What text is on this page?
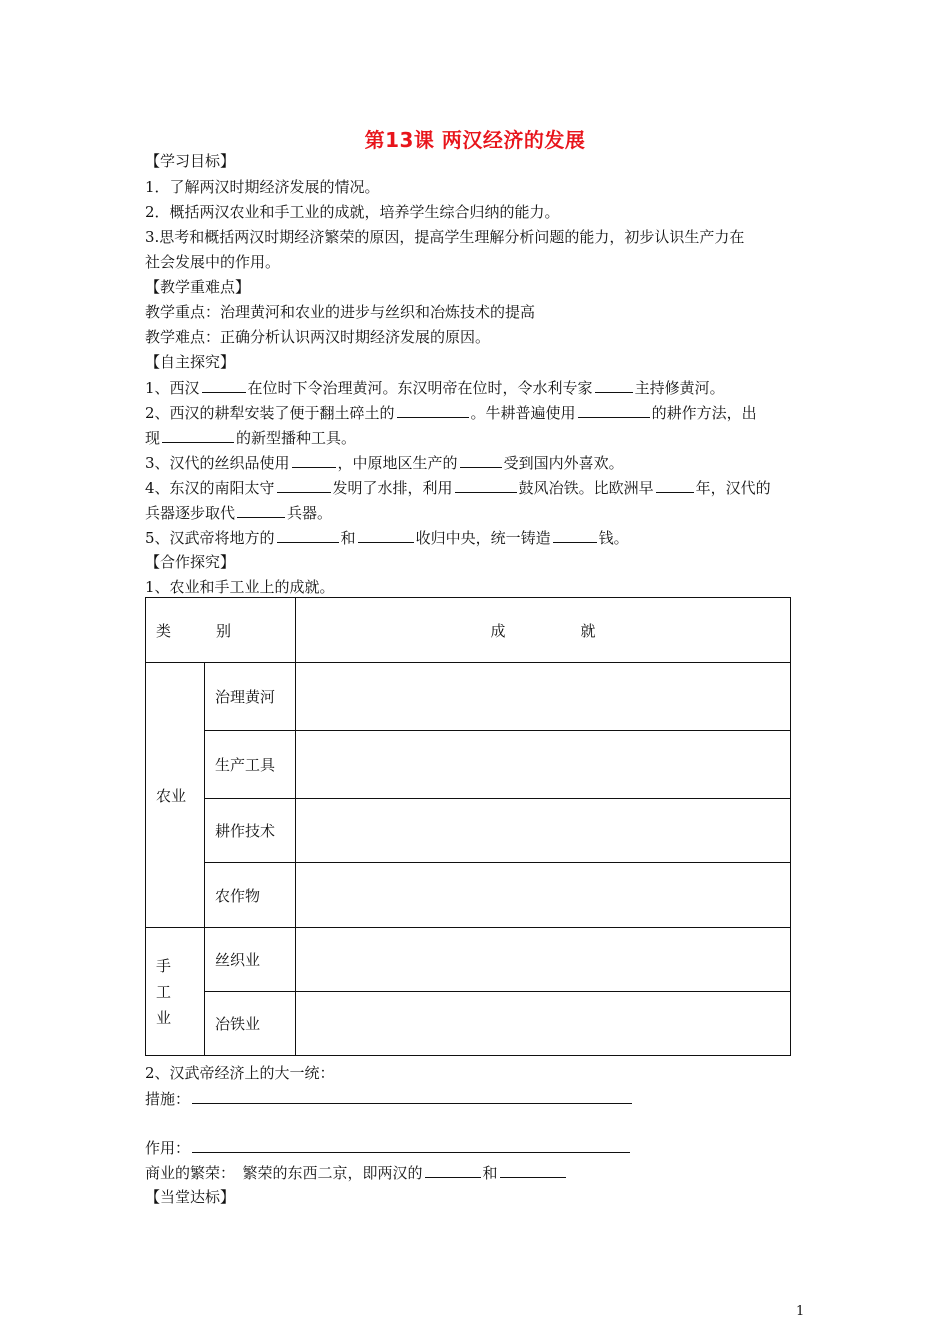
第13课 两汉经济的发展
【学习目标】
1．了解两汉时期经济发展的情况。
2．概括两汉农业和手工业的成就，培养学生综合归纳的能力。
3.思考和概括两汉时期经济繁荣的原因，提高学生理解分析问题的能力，初步认识生产力在
社会发展中的作用。
【教学重难点】
教学重点：治理黄河和农业的进步与丝织和冶炼技术的提高
教学难点：正确分析认识两汉时期经济发展的原因。
【自主探究】
1、西汉	在位时下令治理黄河。东汉明帝在位时，令水利专家	主持修黄河。
2、西汉的耕犁安装了便于翻土碎土的	。牛耕普遍使用	的耕作方法，出
现	的新型播种工具。
3、汉代的丝织品使用	，中原地区生产的	受到国内外喜欢。
4、东汉的南阳太守	发明了水排，利用	鼓风冶铁。比欧洲早	年，汉代的
兵器逐步取代	兵器。
5、汉武帝将地方的	和	收归中央，统一铸造	钱。
【合作探究】
1、农业和手工业上的成就。
类　　　别		成　　　　　就
农业	治理黄河	
	生产工具	
	耕作技术	
	农作物	
手　工　业	丝织业	
	冶铁业	
2、汉武帝经济上的大一统：
措施：
作用：
商业的繁荣：　繁荣的东西二京，即两汉的	和
【当堂达标】
1
